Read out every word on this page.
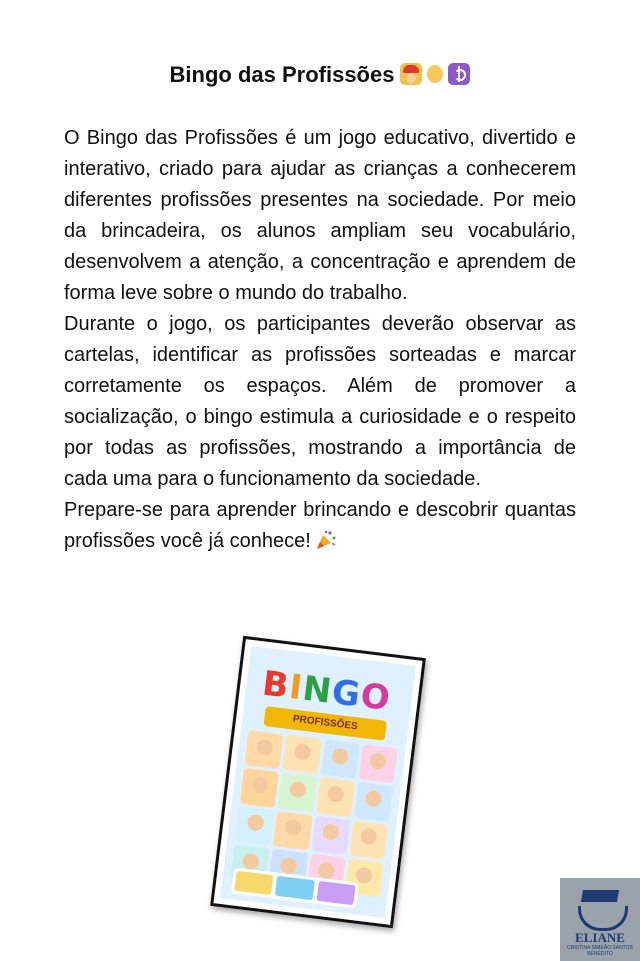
Bingo das Profissões

O Bingo das Profissões é um jogo educativo, divertido e interativo, criado para ajudar as crianças a conhecerem diferentes profissões presentes na sociedade. Por meio da brincadeira, os alunos ampliam seu vocabulário, desenvolvem a atenção, a concentração e aprendem de forma leve sobre o mundo do trabalho.

Durante o jogo, os participantes deverão observar as cartelas, identificar as profissões sorteadas e marcar corretamente os espaços. Além de promover a socialização, o bingo estimula a curiosidade e o respeito por todas as profissões, mostrando a importância de cada uma para o funcionamento da sociedade.

Prepare-se para aprender brincando e descobrir quantas profissões você já conhece!

BINGO
PROFISSÕES
ELIANE
CRISTINA SIMEÃO SANTOS BENEDITO
